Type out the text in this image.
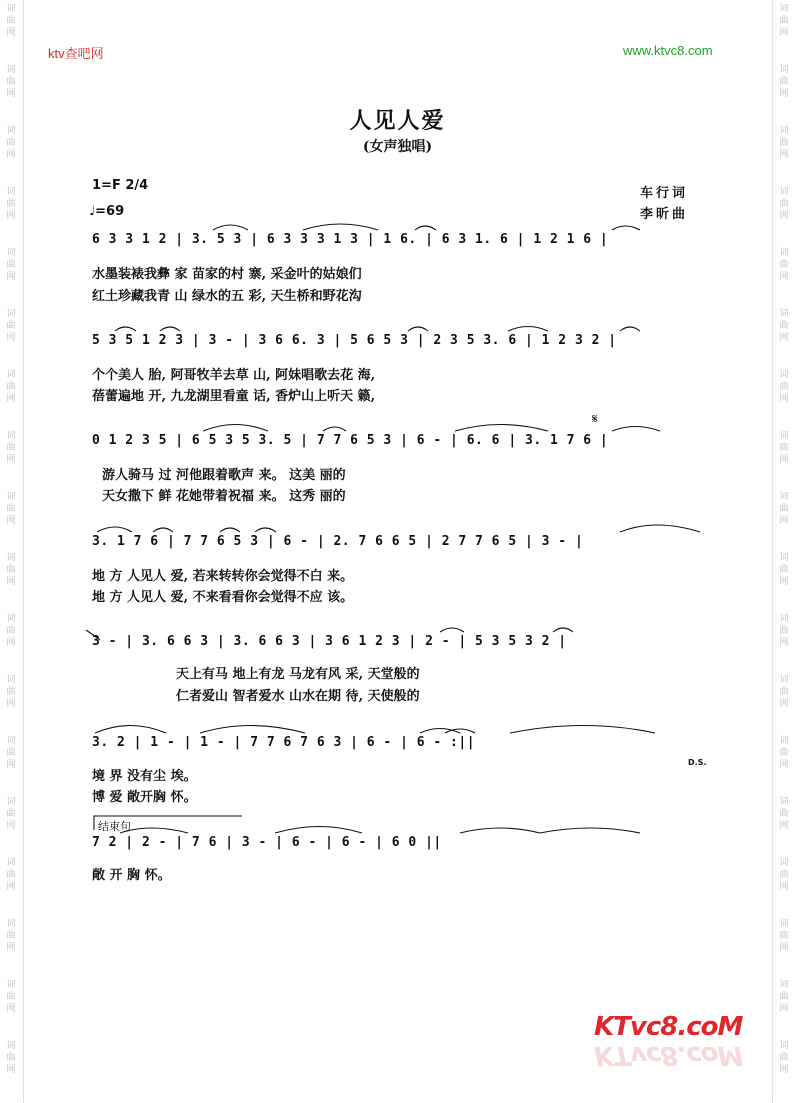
词
曲
网
词
曲
网
词
曲
网
词
曲
网
词
曲
网
词
曲
网
词
曲
网
词
曲
网
词
曲
网
词
曲
网
词
曲
网
词
曲
网
词
曲
网
词
曲
网
词
曲
网
词
曲
网
词
曲
网
词
曲
网
词
曲
网
词
曲
网
词
曲
网
词
曲
网
词
曲
网
词
曲
网
词
曲
网
词
曲
网
词
曲
网
词
曲
网
词
曲
网
词
曲
网
词
曲
网
词
曲
网
词
曲
网
词
曲
网
词
曲
网
词
曲
网
ktv查吧网	www.ktvc8.com
人见人爱
(女声独唱)
1=F 2/4
♩=69
车行词
李昕曲
6 3 3 1 2 | 3. 5 3 | 6 3 3 3 1 3 | 1 6. | 6 3 1. 6 | 1 2 1 6 |
水墨装裱我彝 家 苗家的村 寨, 采金叶的姑娘们
红土珍藏我青 山 绿水的五 彩, 天生桥和野花沟
5 3 5 1 2 3 | 3 - | 3 6 6. 3 | 5 6 5 3 | 2 3 5 3. 6 | 1 2 3 2 |
个个美人 胎, 阿哥牧羊去草 山, 阿妹唱歌去花 海,
蓓蕾遍地 开, 九龙湖里看童 话, 香炉山上听天 籁,
0 1 2 3 5 | 6 5 3 5 3. 5 | 7 7 6 5 3 | 6 - | 6. 6 | 3. 1 7 6 |
游人骑马 过 河他跟着歌声 来。 这美 丽的
天女撒下 鲜 花她带着祝福 来。 这秀 丽的
3. 1 7 6 | 7 7 6 5 3 | 6 - | 2. 7 6 6 5 | 2 7 7 6 5 | 3 - |
地 方 人见人 爱, 若来转转你会觉得不白 来。
地 方 人见人 爱, 不来看看你会觉得不应 该。
3 - | 3. 6 6 3 | 3. 6 6 3 | 3 6 1 2 3 | 2 - | 5 3 5 3 2 |
天上有马 地上有龙 马龙有风 采, 天堂般的
仁者爱山 智者爱水 山水在期 待, 天使般的
3. 2 | 1 - | 1 - | 7 7 6 7 6 3 | 6 - | 6 - :||
D.S.
境 界 没有尘 埃。
博 爱 敞开胸 怀。
结束句
7 2 | 2 - | 7 6 | 3 - | 6 - | 6 - | 6 0 ||
敞 开 胸 怀。
𝄋
KTvc8.coM
KTvc8.coM
